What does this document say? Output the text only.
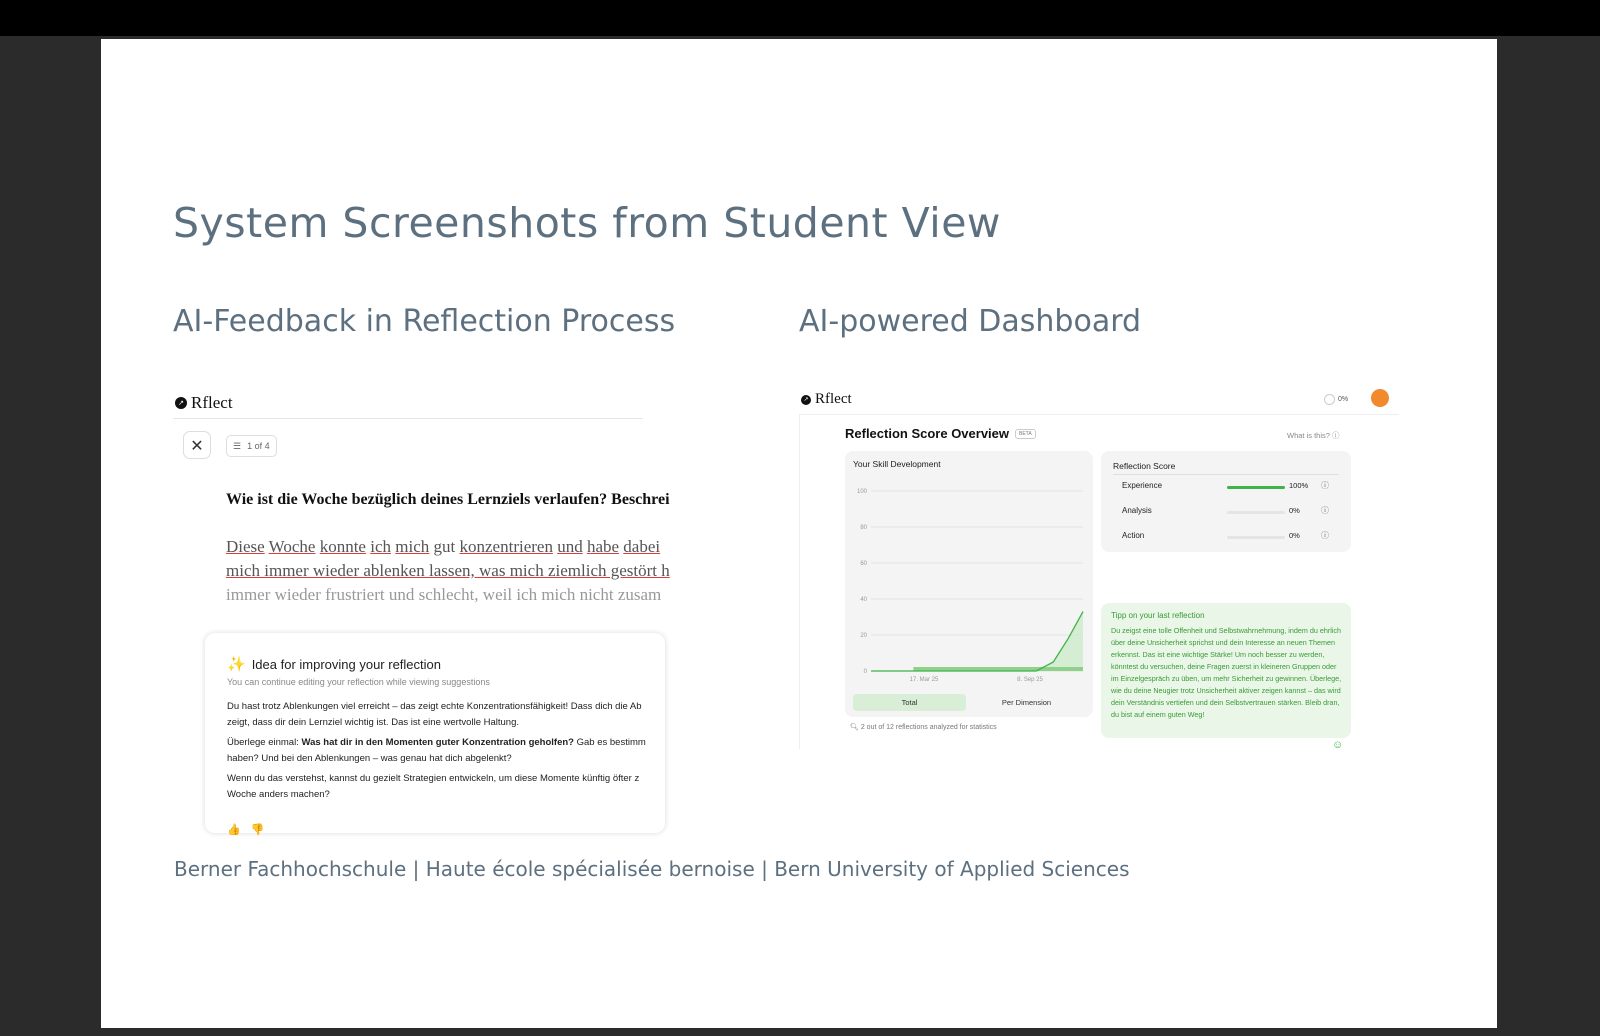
System Screenshots from Student View
AI-Feedback in Reflection Process	AI-powered Dashboard
↗ Rflect
✕	☰ 1 of 4
Wie ist die Woche bezüglich deines Lernziels verlaufen? Beschrei
Diese Woche konnte ich mich gut konzentrieren und habe dabei
mich immer wieder ablenken lassen, was mich ziemlich gestört h
immer wieder frustriert und schlecht, weil ich mich nicht zusam
✨ Idea for improving your reflection
You can continue editing your reflection while viewing suggestions
Du hast trotz Ablenkungen viel erreicht – das zeigt echte Konzentrationsfähigkeit! Dass dich die Ab
zeigt, dass dir dein Lernziel wichtig ist. Das ist eine wertvolle Haltung.
Überlege einmal: Was hat dir in den Momenten guter Konzentration geholfen? Gab es bestimm
haben? Und bei den Ablenkungen – was genau hat dich abgelenkt?
Wenn du das verstehst, kannst du gezielt Strategien entwickeln, um diese Momente künftig öfter z
Woche anders machen?
👍 👎
↗ Rflect	0%
Reflection Score Overview	BETA	What is this? ⓘ
Your Skill Development
0
20
40
60
80
100
17. Mar 25	8. Sep 25
Total	Per Dimension
🔍︎ 2 out of 12 reflections analyzed for statistics
Reflection Score
Experience	100% ⓘ
Analysis	0%	ⓘ
Action	0%	ⓘ
Tipp on your last reflection
Du zeigst eine tolle Offenheit und Selbstwahrnehmung, indem du ehrlich über deine Unsicherheit sprichst und dein Interesse an neuen Themen erkennst. Das ist eine wichtige Stärke! Um noch besser zu werden, könntest du versuchen, deine Fragen zuerst in kleineren Gruppen oder im Einzelgespräch zu üben, um mehr Sicherheit zu gewinnen. Überlege, wie du deine Neugier trotz Unsicherheit aktiver zeigen kannst – das wird dein Verständnis vertiefen und dein Selbstvertrauen stärken. Bleib dran, du bist auf einem guten Weg!
☺
Berner Fachhochschule | Haute école spécialisée bernoise | Bern University of Applied Sciences
